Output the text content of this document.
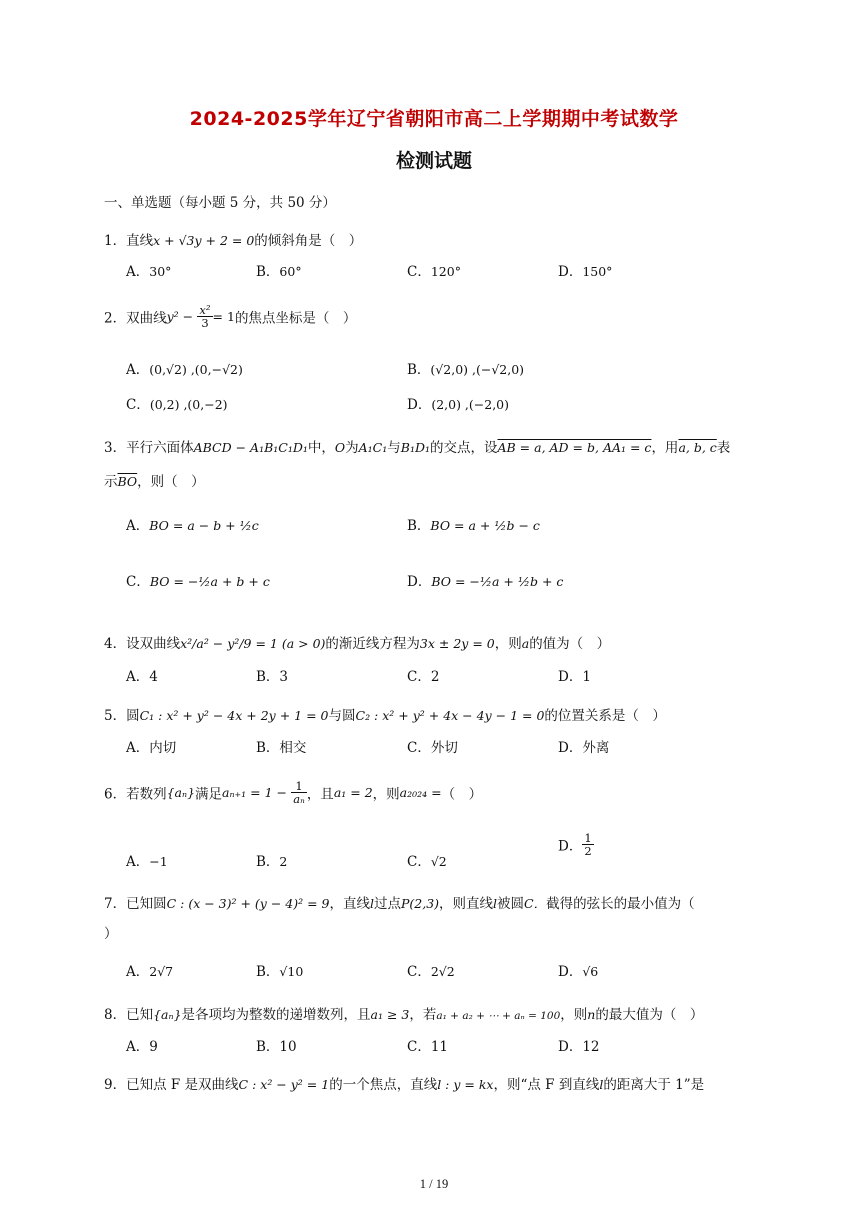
2024-2025学年辽宁省朝阳市高二上学期期中考试数学
检测试题
一、单选题（每小题 5 分，共 50 分）
1．直线x + √3y + 2 = 0的倾斜角是（　）
A．30°	B．60°	C．120°	D．150°
2．双曲线$y^2 - \frac{\text{x²}}{3} = 1$的焦点坐标是（　）
A．(0,√2) ,(0,−√2)	B．(√2,0) ,(−√2,0)
C．(0,2) ,(0,−2)	D．(2,0) ,(−2,0)
3．平行六面体ABCD − A₁B₁C₁D₁中，O为A₁C₁与B₁D₁的交点，设AB = a, AD = b, AA₁ = c，用a, b, c表
示$\overline{BO}$，则（　）
A．BO = a − b + ½c	B．BO = a + ½b − c
C．BO = −½a + b + c	D．BO = −½a + ½b + c
4．设双曲线x²/a² − y²/9 = 1 (a > 0)的渐近线方程为3x ± 2y = 0，则a的值为（　）
A．4	B．3	C．2	D．1
5．圆C₁ : x² + y² − 4x + 2y + 1 = 0与圆C₂ : x² + y² + 4x − 4y − 1 = 0的位置关系是（　）
A．内切	B．相交	C．外切	D．外离
6．若数列{aₙ}满足$a_{n+1} = 1 - \frac{1}{\text{aₙ}}$ ，且a₁ = 2，则a₂₀₂₄ =（　）
A．−1	B．2	C．√2
D． $\frac{1}{2}$
7．已知圆C : (x − 3)² + (y − 4)² = 9，直线l过点P(2,3)，则直线l被圆C．截得的弦长的最小值为（
）
A．2√7	B．√10	C．2√2	D．√6
8．已知{aₙ}是各项均为整数的递增数列，且a₁ ≥ 3，若a₁ + a₂ + ⋯ + aₙ = 100，则n的最大值为（　）
A．9	B．10	C．11	D．12
9．已知点 F 是双曲线C : x² − y² = 1的一个焦点，直线l : y = kx，则“点 F 到直线l的距离大于 1”是
1 / 19
